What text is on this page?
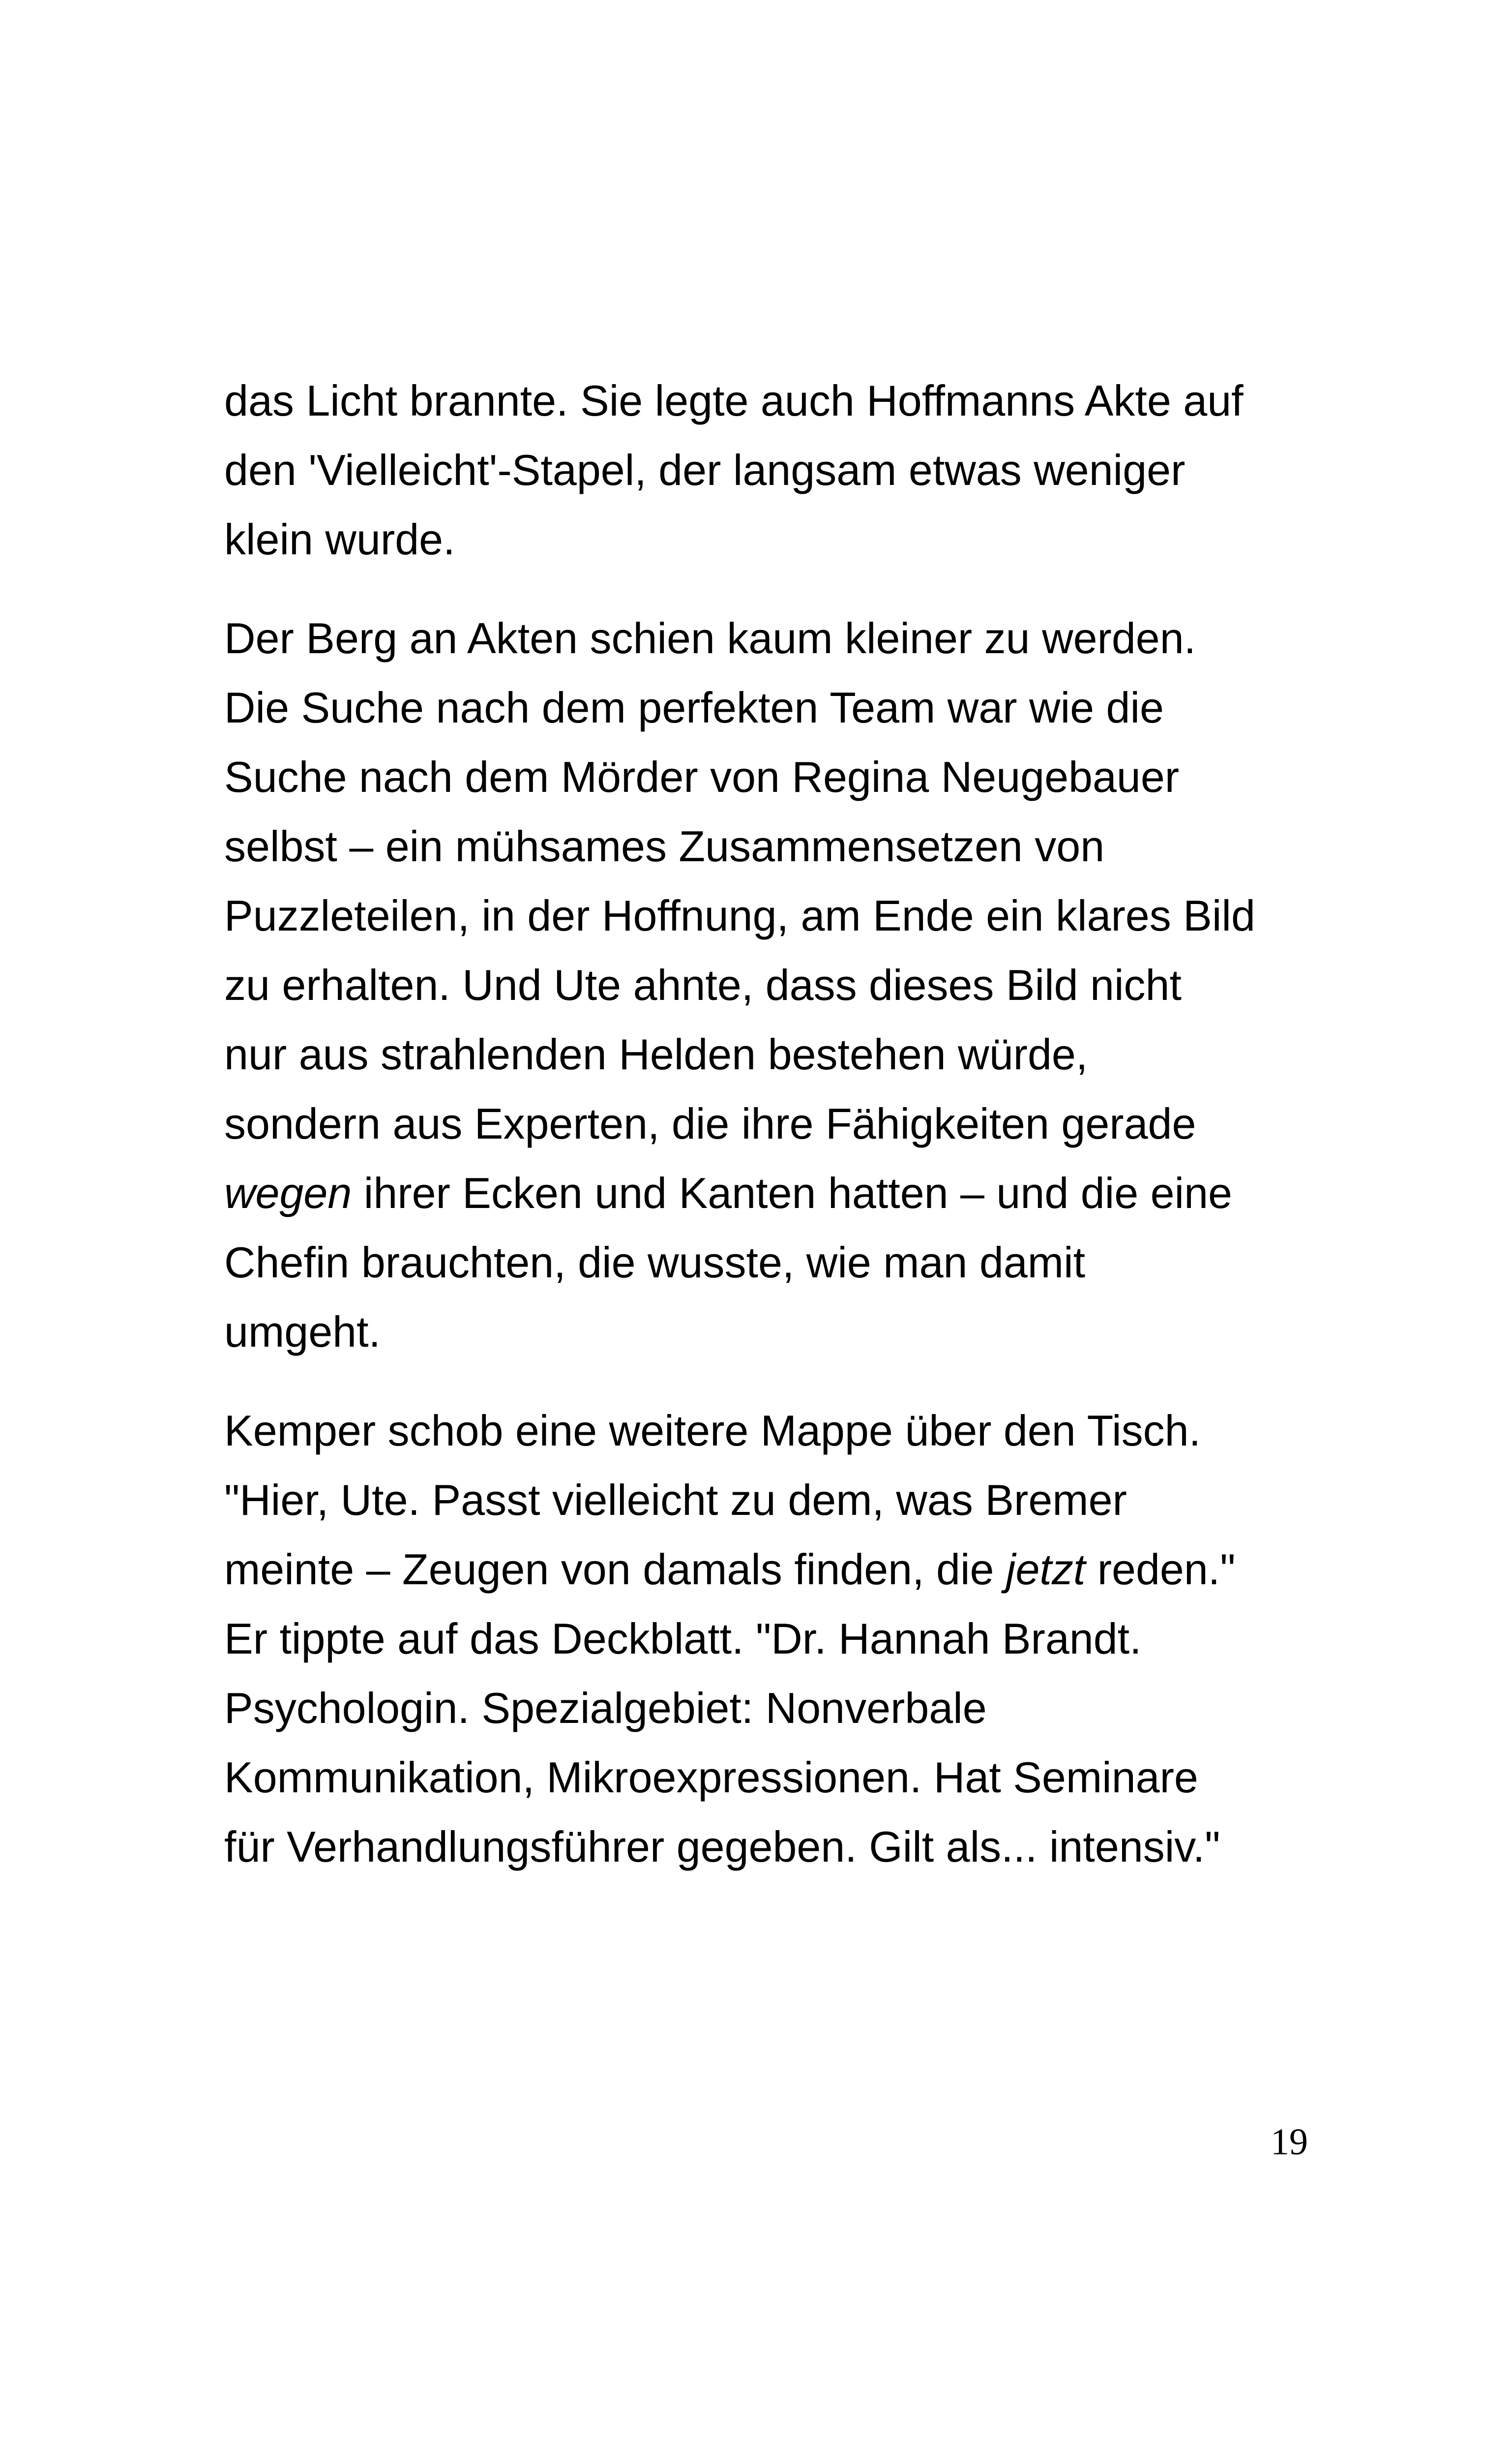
das Licht brannte. Sie legte auch Hoffmanns Akte auf
den 'Vielleicht'-Stapel, der langsam etwas weniger
klein wurde.

Der Berg an Akten schien kaum kleiner zu werden.
Die Suche nach dem perfekten Team war wie die
Suche nach dem Mörder von Regina Neugebauer
selbst – ein mühsames Zusammensetzen von
Puzzleteilen, in der Hoffnung, am Ende ein klares Bild
zu erhalten. Und Ute ahnte, dass dieses Bild nicht
nur aus strahlenden Helden bestehen würde,
sondern aus Experten, die ihre Fähigkeiten gerade
wegen ihrer Ecken und Kanten hatten – und die eine
Chefin brauchten, die wusste, wie man damit
umgeht.

Kemper schob eine weitere Mappe über den Tisch.
"Hier, Ute. Passt vielleicht zu dem, was Bremer
meinte – Zeugen von damals finden, die jetzt reden."
Er tippte auf das Deckblatt. "Dr. Hannah Brandt.
Psychologin. Spezialgebiet: Nonverbale
Kommunikation, Mikroexpressionen. Hat Seminare
für Verhandlungsführer gegeben. Gilt als... intensiv."

19
